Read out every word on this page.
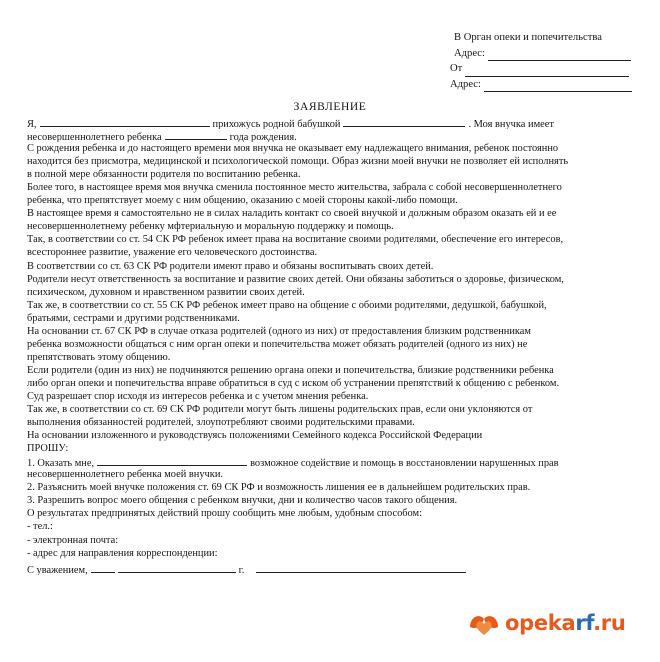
В Орган опеки и попечительства
Адрес:
От
Адрес:
ЗАЯВЛЕНИЕ
Я,	прихожусь родной бабушкой	. Моя внучка имеет
несовершеннолетнего ребенка	года рождения.
С рождения ребенка и до настоящего времени моя внучка не оказывает ему надлежащего внимания, ребенок постоянно
находится без присмотра, медицинской и психологической помощи. Образ жизни моей внучки не позволяет ей исполнять
в полной мере обязанности родителя по воспитанию ребенка.
Более того, в настоящее время моя внучка сменила постоянное место жительства, забрала с собой несовершеннолетнего
ребенка, что препятствует моему с ним общению, оказанию с моей стороны какой-либо помощи.
В настоящее время я самостоятельно не в силах наладить контакт со своей внучкой и должным образом оказать ей и ее
несовершеннолетнему ребенку мфтериальную и моральную поддержку и помощь.
Так, в соответствии со ст. 54 СК РФ ребенок имеет права на воспитание своими родителями, обеспечение его интересов,
всестороннее развитие, уважение его человеческого достоинства.
В соответствии со ст. 63 СК РФ родители имеют право и обязаны воспитывать своих детей.
Родители несут ответственность за воспитание и развитие своих детей. Они обязаны заботиться о здоровье, физическом,
психическом, духовном и нравственном развитии своих детей.
Так же, в соответствии со ст. 55 СК РФ ребенок имеет право на общение с обоими родителями, дедушкой, бабушкой,
братьями, сестрами и другими родственниками.
На основании ст. 67 СК РФ в случае отказа родителей (одного из них) от предоставления близким родственникам
ребенка возможности общаться с ним орган опеки и попечительства может обязать родителей (одного из них) не
препятствовать этому общению.
Если родители (один из них) не подчиняются решению органа опеки и попечительства, близкие родственники ребенка
либо орган опеки и попечительства вправе обратиться в суд с иском об устранении препятствий к общению с ребенком.
Суд разрешает спор исходя из интересов ребенка и с учетом мнения ребенка.
Так же, в соответствии со ст. 69 СК РФ родители могут быть лишены родительских прав, если они уклоняются от
выполнения обязанностей родителей, злоупотребляют своими родительскими правами.
На основании изложенного и руководствуясь положениями Семейного кодекса Российской Федерации
ПРОШУ:
1. Оказать мне,	возможное содействие и помощь в восстановлении нарушенных прав
несовершеннолетнего ребенка моей внучки.
2. Разъяснить моей внучке положения ст. 69 СК РФ и возможность лишения ее в дальнейшем родительских прав.
3. Разрешить вопрос моего общения с ребенком внучки, дни и количество часов такого общения.
О результатах предпринятых действий прошу сообщить мне любым, удобным способом:
- тел.:
- электронная почта:
- адрес для направления корреспонденции:
С уважением,	г.
opekarf.ru
